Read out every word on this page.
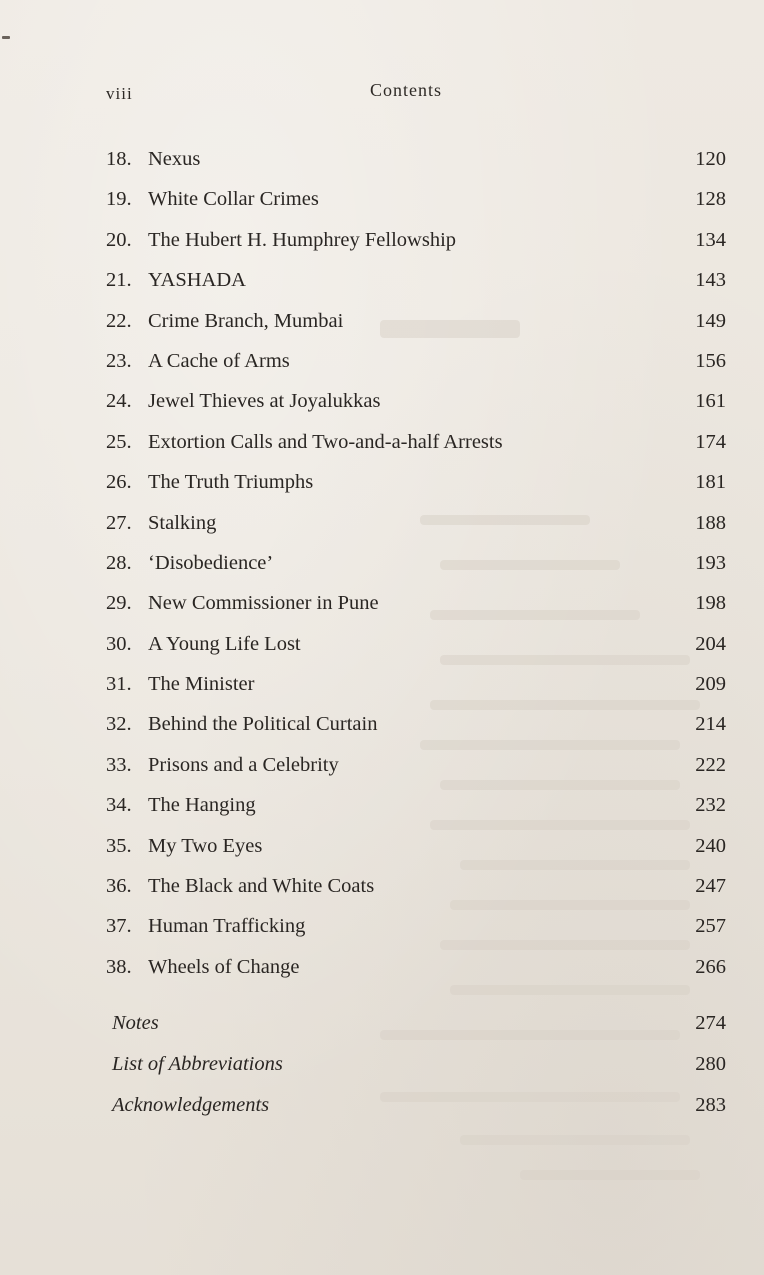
viii	Contents
18. Nexus	120
19. White Collar Crimes	128
20. The Hubert H. Humphrey Fellowship	134
21. YASHADA	143
22. Crime Branch, Mumbai	149
23. A Cache of Arms	156
24. Jewel Thieves at Joyalukkas	161
25. Extortion Calls and Two-and-a-half Arrests	174
26. The Truth Triumphs	181
27. Stalking	188
28. ‘Disobedience’	193
29. New Commissioner in Pune	198
30. A Young Life Lost	204
31. The Minister	209
32. Behind the Political Curtain	214
33. Prisons and a Celebrity	222
34. The Hanging	232
35. My Two Eyes	240
36. The Black and White Coats	247
37. Human Trafficking	257
38. Wheels of Change	266
Notes	274
List of Abbreviations	280
Acknowledgements	283
